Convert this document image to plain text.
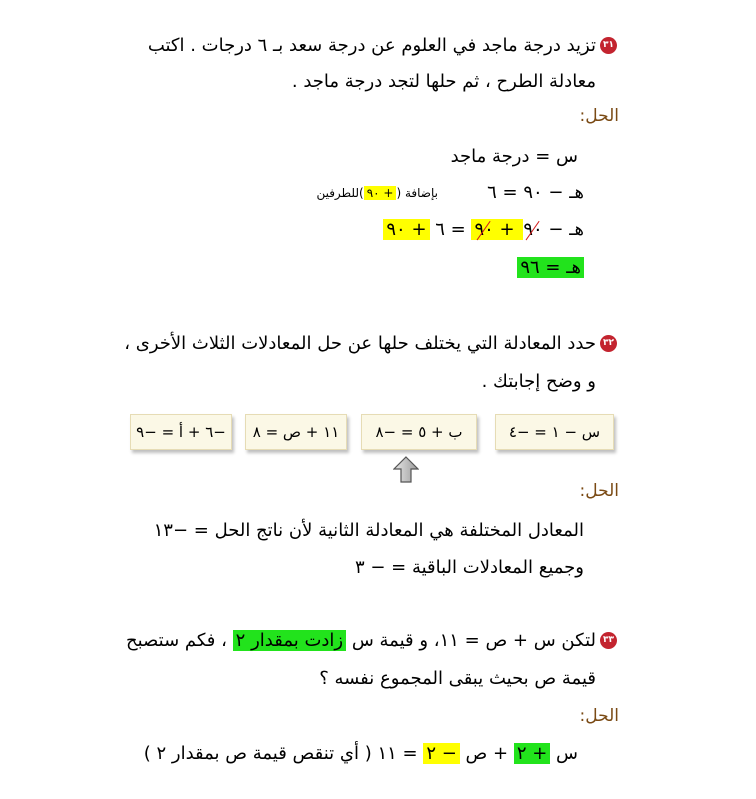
٣١
تزيد درجة ماجد في العلوم عن درجة سعد بـ ٦ درجات . اكتب
معادلة الطرح ، ثم حلها لتجد درجة ماجد .
الحل:
س = درجة ماجد
هـ − ٩٠ = ٦
بإضافة (+ ٩٠)للطرفين
هـ − ٩٠ + ٩٠ = ٦ + ٩٠
هـ = ٩٦
٣٢
حدد المعادلة التي يختلف حلها عن حل المعادلات الثلاث الأخرى ،
و وضح إجابتك .
س − ١ = −٤
ب + ٥ = −٨
١١ + ص = ٨
−٦ + أ = −٩
الحل:
المعادل المختلفة هي المعادلة الثانية لأن ناتج الحل = −١٣
وجميع المعادلات الباقية = − ٣
٣٣
لتكن س + ص = ١١، و قيمة س زادت بمقدار ٢ ، فكم ستصبح
قيمة ص بحيث يبقى المجموع نفسه ؟
الحل:
س + ٢ + ص − ٢ = ١١ ( أي تنقص قيمة ص بمقدار ٢ )
